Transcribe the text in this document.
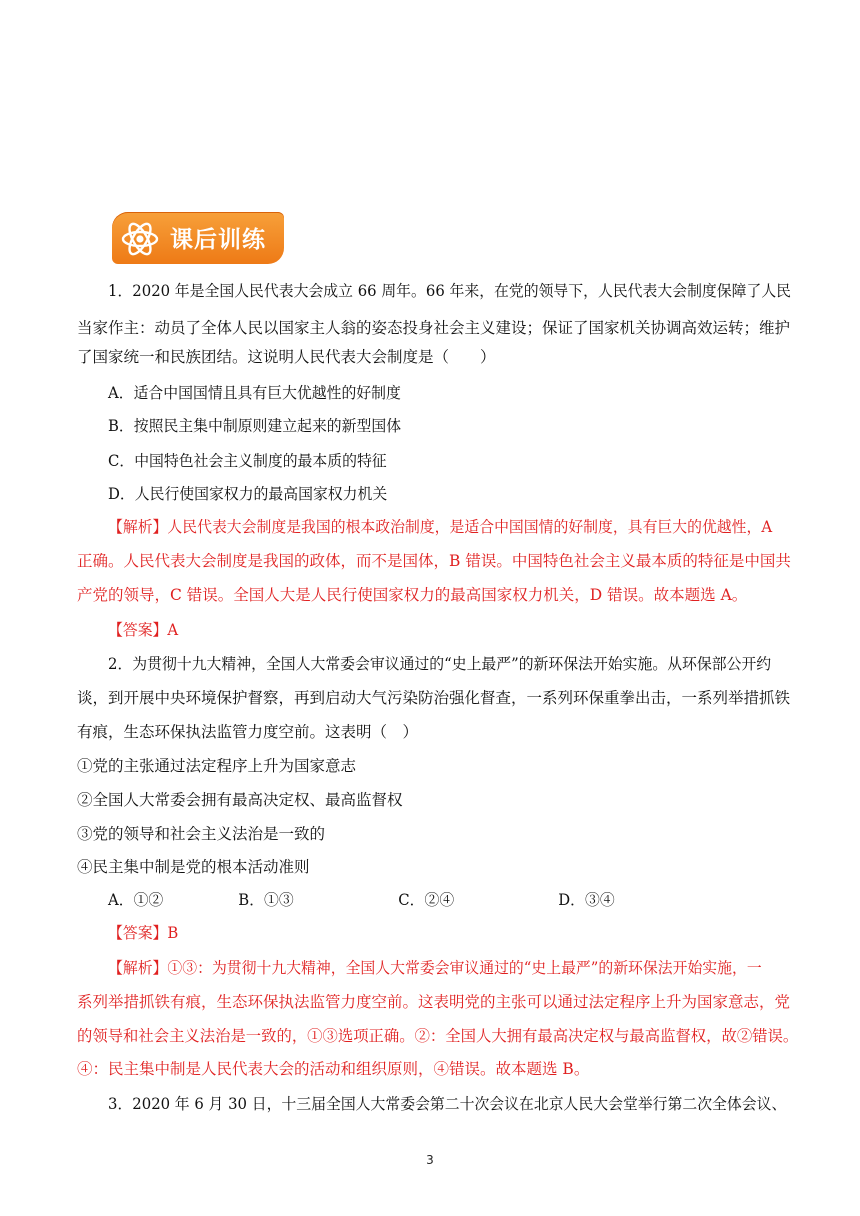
课后训练
1．2020 年是全国人民代表大会成立 66 周年。66 年来，在党的领导下，人民代表大会制度保障了人民
当家作主：动员了全体人民以国家主人翁的姿态投身社会主义建设；保证了国家机关协调高效运转；维护
了国家统一和民族团结。这说明人民代表大会制度是（　　）
A．适合中国国情且具有巨大优越性的好制度
B．按照民主集中制原则建立起来的新型国体
C．中国特色社会主义制度的最本质的特征
D．人民行使国家权力的最高国家权力机关
【解析】人民代表大会制度是我国的根本政治制度，是适合中国国情的好制度，具有巨大的优越性，A
正确。人民代表大会制度是我国的政体，而不是国体，B 错误。中国特色社会主义最本质的特征是中国共
产党的领导，C 错误。全国人大是人民行使国家权力的最高国家权力机关，D 错误。故本题选 A。
【答案】A
2．为贯彻十九大精神，全国人大常委会审议通过的“史上最严”的新环保法开始实施。从环保部公开约
谈，到开展中央环境保护督察，再到启动大气污染防治强化督查，一系列环保重拳出击，一系列举措抓铁
有痕，生态环保执法监管力度空前。这表明（　）
①党的主张通过法定程序上升为国家意志
②全国人大常委会拥有最高决定权、最高监督权
③党的领导和社会主义法治是一致的
④民主集中制是党的根本活动准则
A．①②	B．①③	C．②④	D．③④
【答案】B
【解析】①③：为贯彻十九大精神，全国人大常委会审议通过的“史上最严”的新环保法开始实施，一
系列举措抓铁有痕，生态环保执法监管力度空前。这表明党的主张可以通过法定程序上升为国家意志，党
的领导和社会主义法治是一致的，①③选项正确。②：全国人大拥有最高决定权与最高监督权，故②错误。
④：民主集中制是人民代表大会的活动和组织原则，④错误。故本题选 B。
3．2020 年 6 月 30 日，十三届全国人大常委会第二十次会议在北京人民大会堂举行第二次全体会议、
3
